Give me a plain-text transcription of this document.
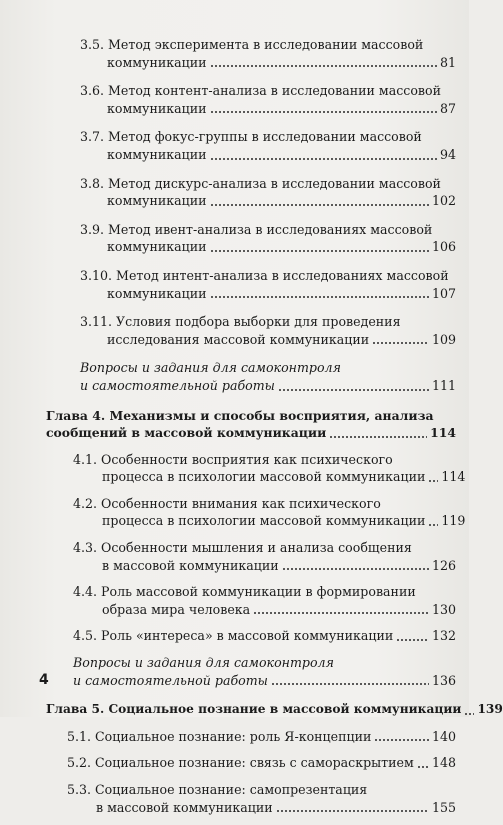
3.5. Метод эксперимента в исследовании массовой
коммуникации	81
3.6. Метод контент-анализа в исследовании массовой
коммуникации	87
3.7. Метод фокус-группы в исследовании массовой
коммуникации	94
3.8. Метод дискурс-анализа в исследовании массовой
коммуникации	102
3.9. Метод ивент-анализа в исследованиях массовой
коммуникации	106
3.10. Метод интент-анализа в исследованиях массовой
коммуникации	107
3.11. Условия подбора выборки для проведения
исследования массовой коммуникации	109
Вопросы и задания для самоконтроля
и самостоятельной работы	111
Глава 4. Механизмы и способы восприятия, анализа
сообщений в массовой коммуникации	114
4.1. Особенности восприятия как психического
процесса в психологии массовой коммуникации 114
4.2. Особенности внимания как психического
процесса в психологии массовой коммуникации 119
4.3. Особенности мышления и анализа сообщения
в массовой коммуникации	126
4.4. Роль массовой коммуникации в формировании
образа мира человека	130
4.5. Роль «интереса» в массовой коммуникации	132
Вопросы и задания для самоконтроля
и самостоятельной работы	136
Глава 5. Социальное познание в массовой коммуникации 139
5.1. Социальное познание: роль Я-концепции	140
5.2. Социальное познание: связь с самораскрытием 148
5.3. Социальное познание: самопрезентация
в массовой коммуникации	155
4
